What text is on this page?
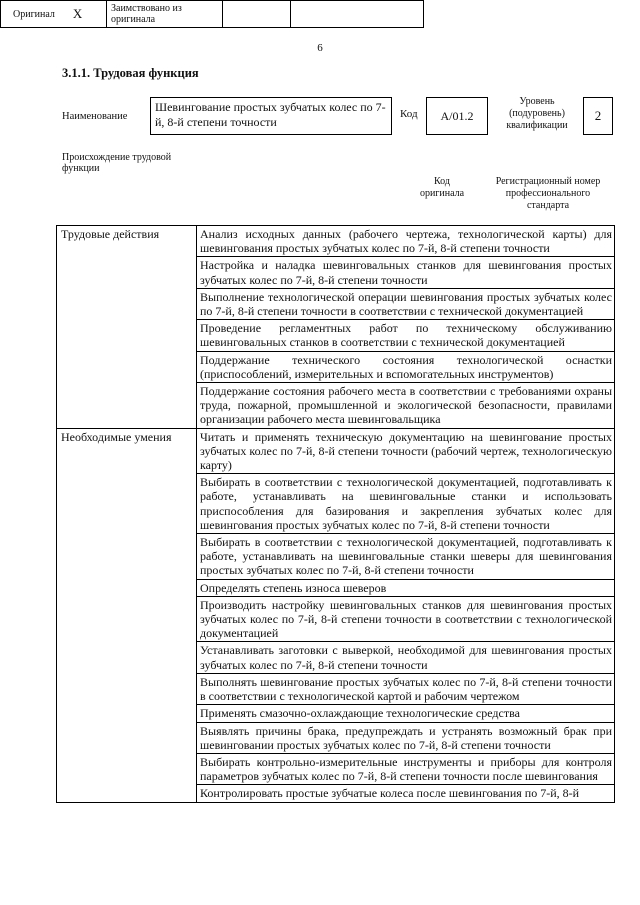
6
3.1.1. Трудовая функция
Наименование
Шевингование простых зубчатых колес по 7-й, 8-й степени точности
Код	А/01.2
Уровень (подуровень) квалификации
2
Происхождение трудовой функции
Оригинал X	Заимствовано из оригинала
Код оригинала
Регистрационный номер профессионального стандарта
Трудовые действия	Анализ исходных данных (рабочего чертежа, технологической карты) для шевингования простых зубчатых колес по 7-й, 8-й степени точности
	Настройка и наладка шевинговальных станков для шевингования простых зубчатых колес по 7-й, 8-й степени точности
	Выполнение технологической операции шевингования простых зубчатых колес по 7-й, 8-й степени точности в соответствии с технической документацией
	Проведение регламентных работ по техническому обслуживанию шевинговальных станков в соответствии с технической документацией
	Поддержание технического состояния технологической оснастки (приспособлений, измерительных и вспомогательных инструментов)
	Поддержание состояния рабочего места в соответствии с требованиями охраны труда, пожарной, промышленной и экологической безопасности, правилами организации рабочего места шевинговальщика
Необходимые умения	Читать и применять техническую документацию на шевингование простых зубчатых колес по 7-й, 8-й степени точности (рабочий чертеж, технологическую карту)
	Выбирать в соответствии с технологической документацией, подготавливать к работе, устанавливать на шевинговальные станки и использовать приспособления для базирования и закрепления зубчатых колес для шевингования простых зубчатых колес по 7-й, 8-й степени точности
	Выбирать в соответствии с технологической документацией, подготавливать к работе, устанавливать на шевинговальные станки шеверы для шевингования простых зубчатых колес по 7-й, 8-й степени точности
	Определять степень износа шеверов
	Производить настройку шевинговальных станков для шевингования простых зубчатых колес по 7-й, 8-й степени точности в соответствии с технологической документацией
	Устанавливать заготовки с выверкой, необходимой для шевингования простых зубчатых колес по 7-й, 8-й степени точности
	Выполнять шевингование простых зубчатых колес по 7-й, 8-й степени точности в соответствии с технологической картой и рабочим чертежом
	Применять смазочно-охлаждающие технологические средства
	Выявлять причины брака, предупреждать и устранять возможный брак при шевинговании простых зубчатых колес по 7-й, 8-й степени точности
	Выбирать контрольно-измерительные инструменты и приборы для контроля параметров зубчатых колес по 7-й, 8-й степени точности после шевингования
	Контролировать простые зубчатые колеса после шевингования по 7-й, 8-й
